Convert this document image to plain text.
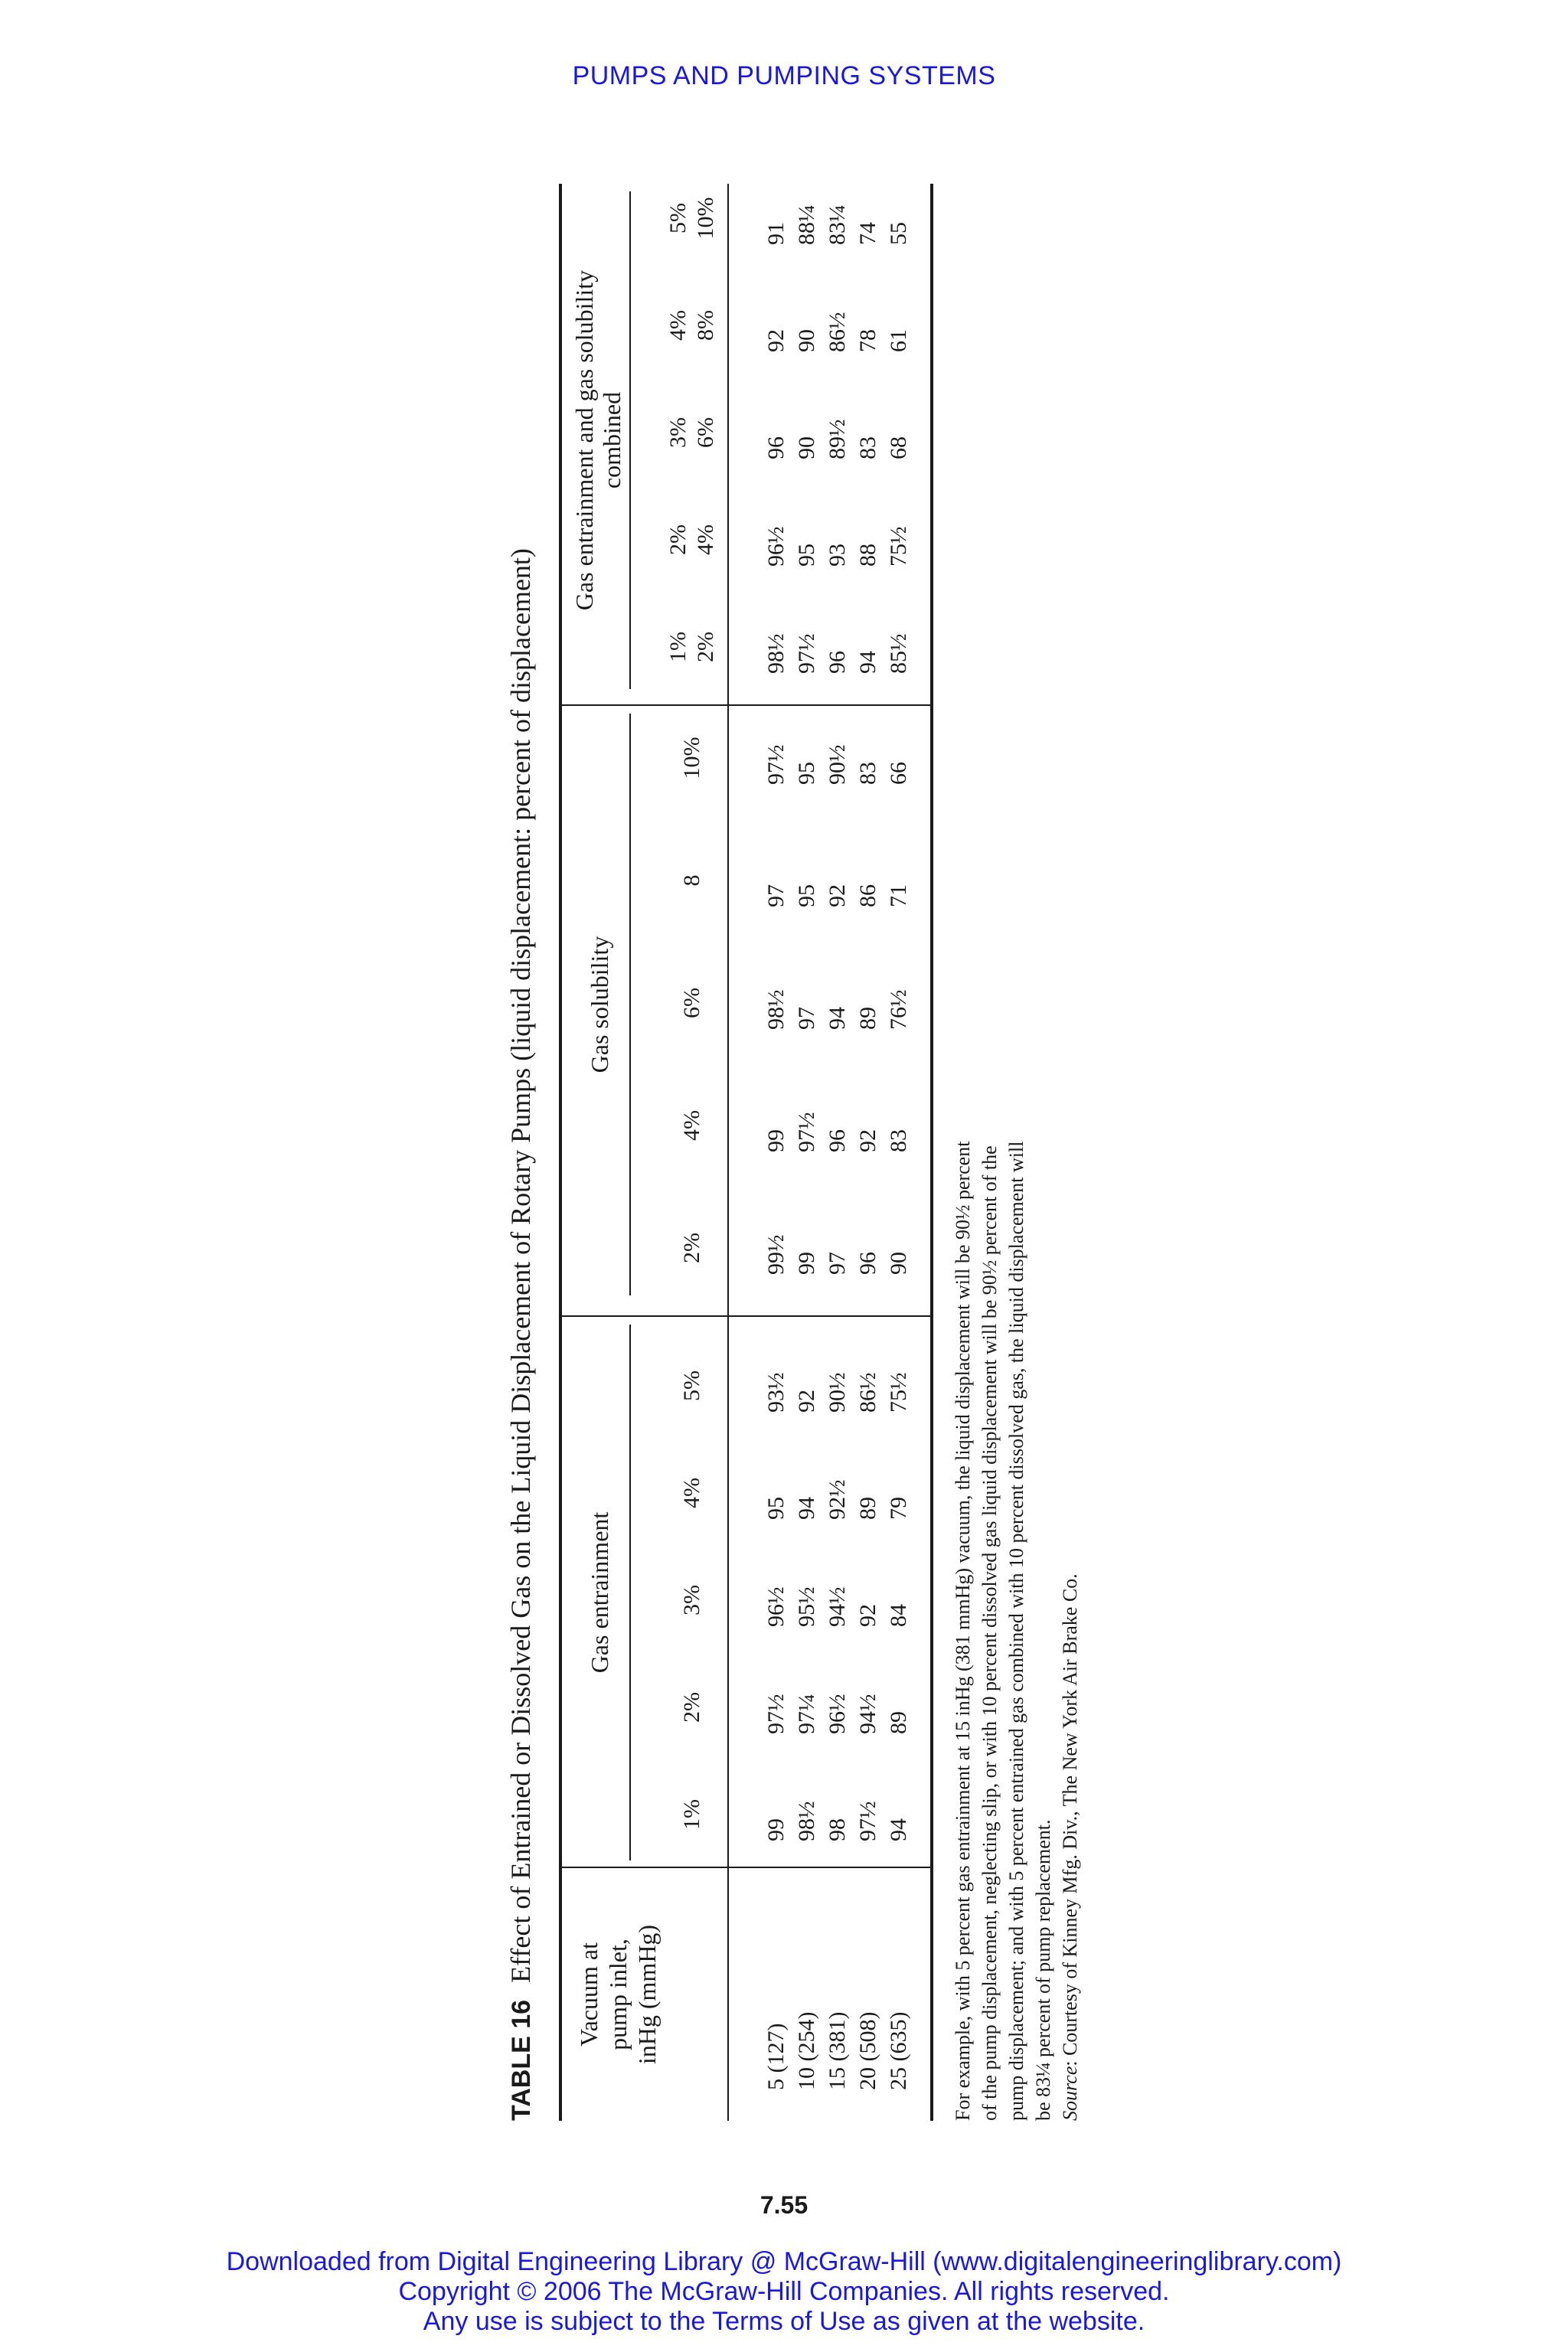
PUMPS AND PUMPING SYSTEMS
TABLE 16Effect of Entrained or Dissolved Gas on the Liquid Displacement of Rotary Pumps (liquid displacement: percent of displacement)
Vacuum at pump inlet, inHg (mmHg)
Gas entrainment
1%
2%
3%
4%
5%
Gas solubility
2%
4%
6%
8
10%
Gas entrainment and gas solubility combined
1% 2%
2% 4%
3% 6%
4% 8%
5% 10%
5 (127)
99
97½
96½
95
93½
99½
99
98½
97
97½
98½
96½
96
92
91
10 (254)
98½
97¼
95½
94
92
99
97½
97
95
95
97½
95
90
90
88¼
15 (381)
98
96½
94½
92½
90½
97
96
94
92
90½
96
93
89½
86½
83¼
20 (508)
97½
94½
92
89
86½
96
92
89
86
83
94
88
83
78
74
25 (635)
94
89
84
79
75½
90
83
76½
71
66
85½
75½
68
61
55
For example, with 5 percent gas entrainment at 15 inHg (381 mmHg) vacuum, the liquid displacement will be 90½ percent of the pump displacement, neglecting slip, or with 10 percent dissolved gas liquid displacement will be 90½ percent of the pump displacement; and with 5 percent entrained gas combined with 10 percent dissolved gas, the liquid displacement will be 83¼ percent of pump replacement. Source: Courtesy of Kinney Mfg. Div., The New York Air Brake Co.
7.55
Downloaded from Digital Engineering Library @ McGraw-Hill (www.digitalengineeringlibrary.com)
Copyright © 2006 The McGraw-Hill Companies. All rights reserved.
Any use is subject to the Terms of Use as given at the website.
